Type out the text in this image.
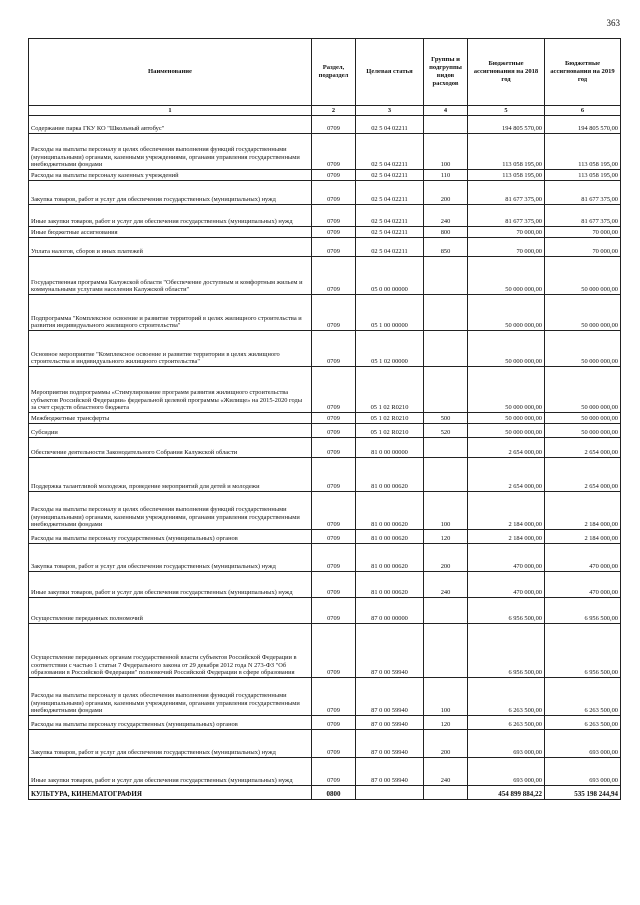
363
Наименование	Раздел, подраздел	Целевая статья	Группы и подгруппы видов расходов	Бюджетные ассигнования на 2018 год	Бюджетные ассигнования на 2019 год
1	2	3	4	5	6
Содержание парка ГКУ КО "Школьный автобус"	0709	02 5 04 02211		194 805 570,00	194 805 570,00
Расходы на выплаты персоналу в целях обеспечения выполнения функций государственными (муниципальными) органами, казенными учреждениями, органами управления государственными внебюджетными фондами	0709	02 5 04 02211	100	113 058 195,00	113 058 195,00
Расходы на выплаты персоналу казенных учреждений	0709	02 5 04 02211	110	113 058 195,00	113 058 195,00
Закупка товаров, работ и услуг для обеспечения государственных (муниципальных) нужд	0709	02 5 04 02211	200	81 677 375,00	81 677 375,00
Иные закупки товаров, работ и услуг для обеспечения государственных (муниципальных) нужд	0709	02 5 04 02211	240	81 677 375,00	81 677 375,00
Иные бюджетные ассигнования	0709	02 5 04 02211	800	70 000,00	70 000,00
Уплата налогов, сборов и иных платежей	0709	02 5 04 02211	850	70 000,00	70 000,00
Государственная программа Калужской области "Обеспечение доступным и комфортным жильем и коммунальными услугами населения Калужской области"	0709	05 0 00 00000		50 000 000,00	50 000 000,00
Подпрограмма "Комплексное освоение и развитие территорий в целях жилищного строительства и развития индивидуального жилищного строительства"	0709	05 1 00 00000		50 000 000,00	50 000 000,00
Основное мероприятие "Комплексное освоение и развитие территории в целях жилищного строительства и индивидуального жилищного строительства"	0709	05 1 02 00000		50 000 000,00	50 000 000,00
Мероприятия подпрограммы «Стимулирование программ развития жилищного строительства субъектов Российской Федерации» федеральной целевой программы «Жилище» на 2015-2020 годы за счет средств областного бюджета	0709	05 1 02 R0210		50 000 000,00	50 000 000,00
Межбюджетные трансферты	0709	05 1 02 R0210	500	50 000 000,00	50 000 000,00
Субсидии	0709	05 1 02 R0210	520	50 000 000,00	50 000 000,00
Обеспечение деятельности Законодательного Собрания Калужской области	0709	81 0 00 00000		2 654 000,00	2 654 000,00
Поддержка талантливой молодежи, проведение мероприятий для детей и молодежи	0709	81 0 00 00620		2 654 000,00	2 654 000,00
Расходы на выплаты персоналу в целях обеспечения выполнения функций государственными (муниципальными) органами, казенными учреждениями, органами управления государственными внебюджетными фондами	0709	81 0 00 00620	100	2 184 000,00	2 184 000,00
Расходы на выплаты персоналу государственных (муниципальных) органов	0709	81 0 00 00620	120	2 184 000,00	2 184 000,00
Закупка товаров, работ и услуг для обеспечения государственных (муниципальных) нужд	0709	81 0 00 00620	200	470 000,00	470 000,00
Иные закупки товаров, работ и услуг для обеспечения государственных (муниципальных) нужд	0709	81 0 00 00620	240	470 000,00	470 000,00
Осуществление переданных полномочий	0709	87 0 00 00000		6 956 500,00	6 956 500,00
Осуществление переданных органам государственной власти субъектов Российской Федерации в соответствии с частью 1 статьи 7 Федерального закона от 29 декабря 2012 года N 273-ФЗ "Об образовании в Российской Федерации" полномочий Российской Федерации в сфере образования	0709	87 0 00 59940		6 956 500,00	6 956 500,00
Расходы на выплаты персоналу в целях обеспечения выполнения функций государственными (муниципальными) органами, казенными учреждениями, органами управления государственными внебюджетными фондами	0709	87 0 00 59940	100	6 263 500,00	6 263 500,00
Расходы на выплаты персоналу государственных (муниципальных) органов	0709	87 0 00 59940	120	6 263 500,00	6 263 500,00
Закупка товаров, работ и услуг для обеспечения государственных (муниципальных) нужд	0709	87 0 00 59940	200	693 000,00	693 000,00
Иные закупки товаров, работ и услуг для обеспечения государственных (муниципальных) нужд	0709	87 0 00 59940	240	693 000,00	693 000,00
КУЛЬТУРА, КИНЕМАТОГРАФИЯ	0800			454 899 884,22	535 198 244,94
